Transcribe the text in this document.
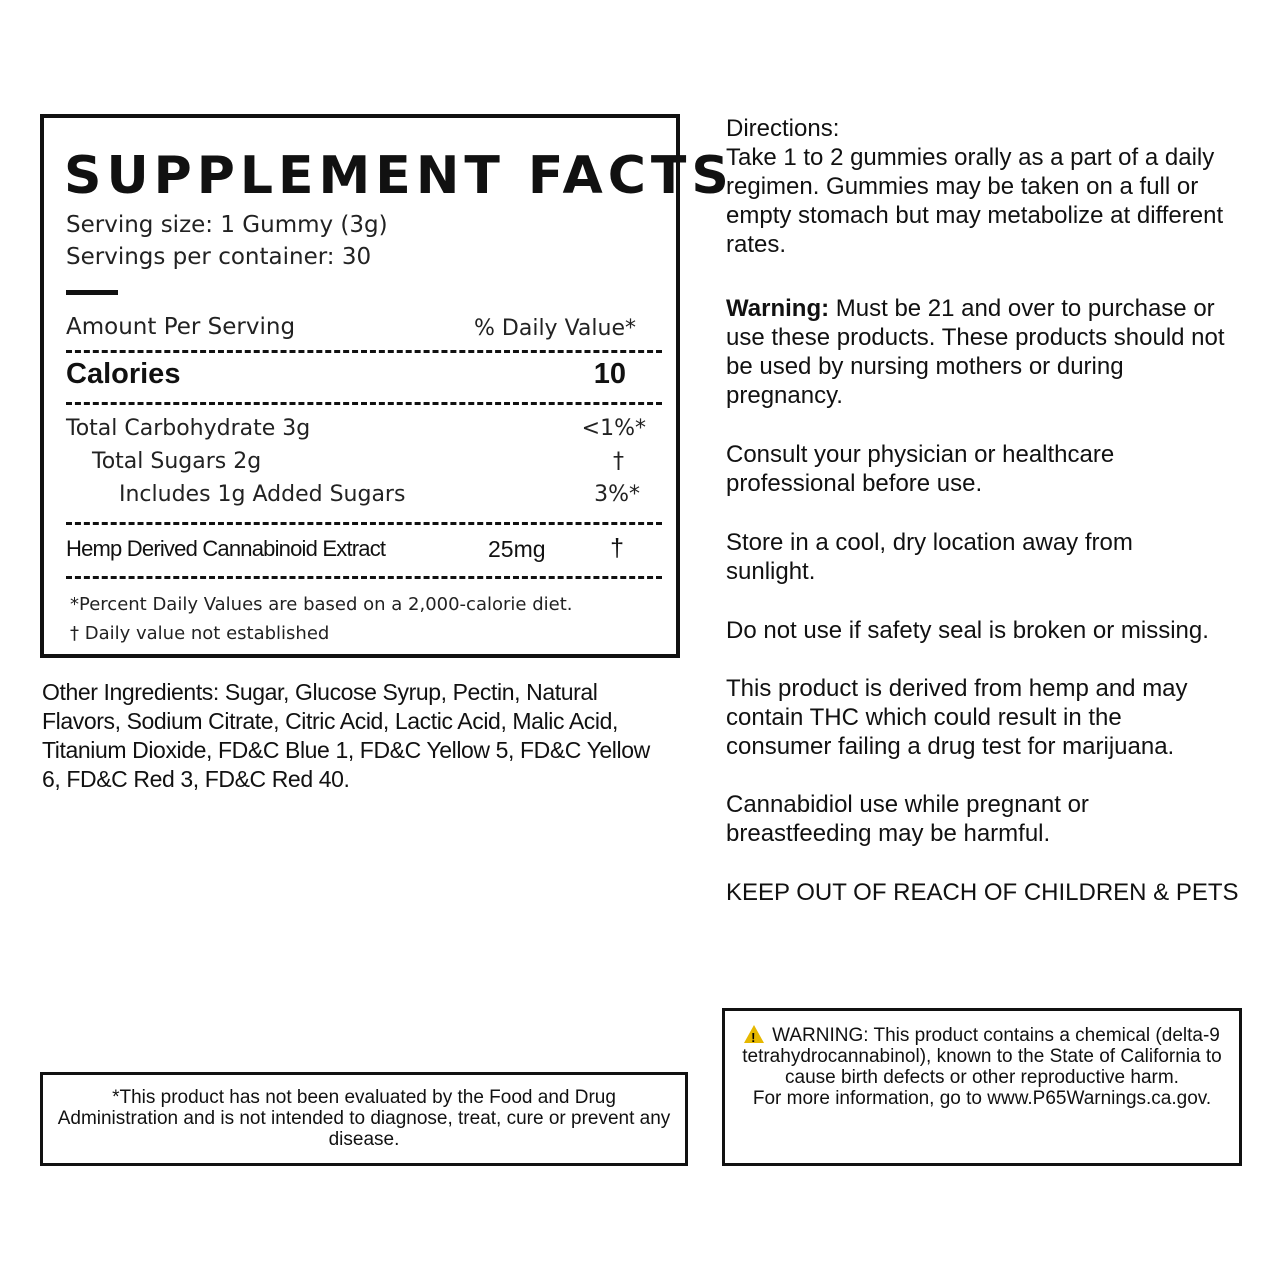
SUPPLEMENT FACTS
Serving size: 1 Gummy (3g)
Servings per container: 30
Amount Per Serving	% Daily Value*
Calories	10
Total Carbohydrate 3g	<1%*
Total Sugars 2g	†
Includes 1g Added Sugars	3%*
Hemp Derived Cannabinoid Extract	25mg	†
*Percent Daily Values are based on a 2,000-calorie diet.
† Daily value not established
Other Ingredients: Sugar, Glucose Syrup, Pectin, Natural Flavors, Sodium Citrate, Citric Acid, Lactic Acid, Malic Acid, Titanium Dioxide, FD&C Blue 1, FD&C Yellow 5, FD&C Yellow 6, FD&C Red 3, FD&C Red 40.

Directions:

Take 1 to 2 gummies orally as a part of a daily regimen. Gummies may be taken on a full or empty stomach but may metabolize at different rates.

Warning: Must be 21 and over to purchase or use these products. These products should not be used by nursing mothers or during pregnancy.

Consult your physician or healthcare professional before use.

Store in a cool, dry location away from sunlight.

Do not use if safety seal is broken or missing.

This product is derived from hemp and may contain THC which could result in the consumer failing a drug test for marijuana.

Cannabidiol use while pregnant or breastfeeding may be harmful.

KEEP OUT OF REACH OF CHILDREN & PETS

*This product has not been evaluated by the Food and Drug Administration and is not intended to diagnose, treat, cure or prevent any disease.
!WARNING: This product contains a chemical (delta-9 tetrahydrocannabinol), known to the State of California to cause birth defects or other reproductive harm.
For more information, go to www.P65Warnings.ca.gov.
